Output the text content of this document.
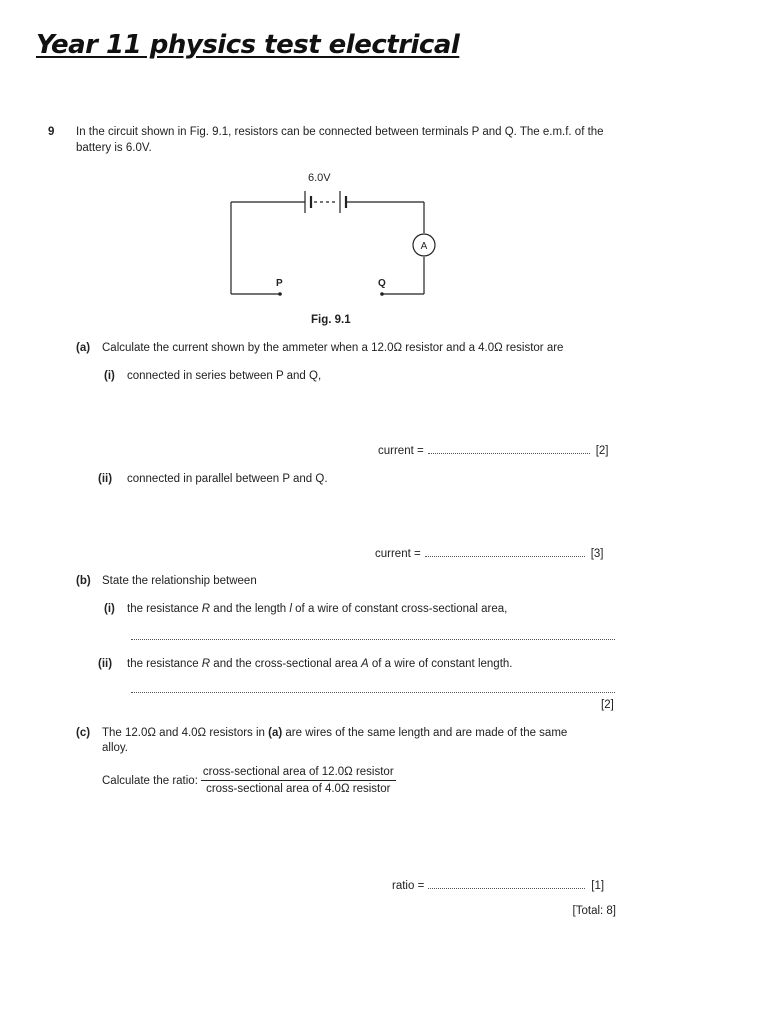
Year 11 physics test electrical
9 In the circuit shown in Fig. 9.1, resistors can be connected between terminals P and Q. The e.m.f. of the battery is 6.0V.
6.0V
A
P	Q
Fig. 9.1
(a) Calculate the current shown by the ammeter when a 12.0Ω resistor and a 4.0Ω resistor are
(i) connected in series between P and Q,
current =	[2]
(ii) connected in parallel between P and Q.
current =	[3]
(b) State the relationship between
(i) the resistance R and the length l of a wire of constant cross-sectional area,
(ii) the resistance R and the cross-sectional area A of a wire of constant length.
[2]
(c) The 12.0Ω and 4.0Ω resistors in (a) are wires of the same length and are made of the same
alloy.
Calculate the ratio: $\frac{\text{cross-sectional area of 12.0Ω resistor}}{\text{cross-sectional area of 4.0Ω resistor}}$
ratio =	[1]
[Total: 8]
